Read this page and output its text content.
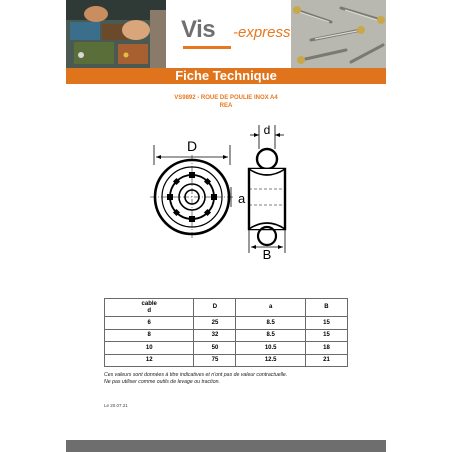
Vis -express
Fiche Technique
VS9892 - ROUE DE POULIE INOX A4
REA
D
a
d
B
cable
d	D	a	B
6	25	8.5	15
8	32	8.5	15
10	50	10.5	18
12	75	12.5	21
Ces valeurs sont données à titre indicatives et n'ont pas de valeur contractuelle.
Ne pas utiliser comme outils de levage ou traction.
Le 20.07.21
